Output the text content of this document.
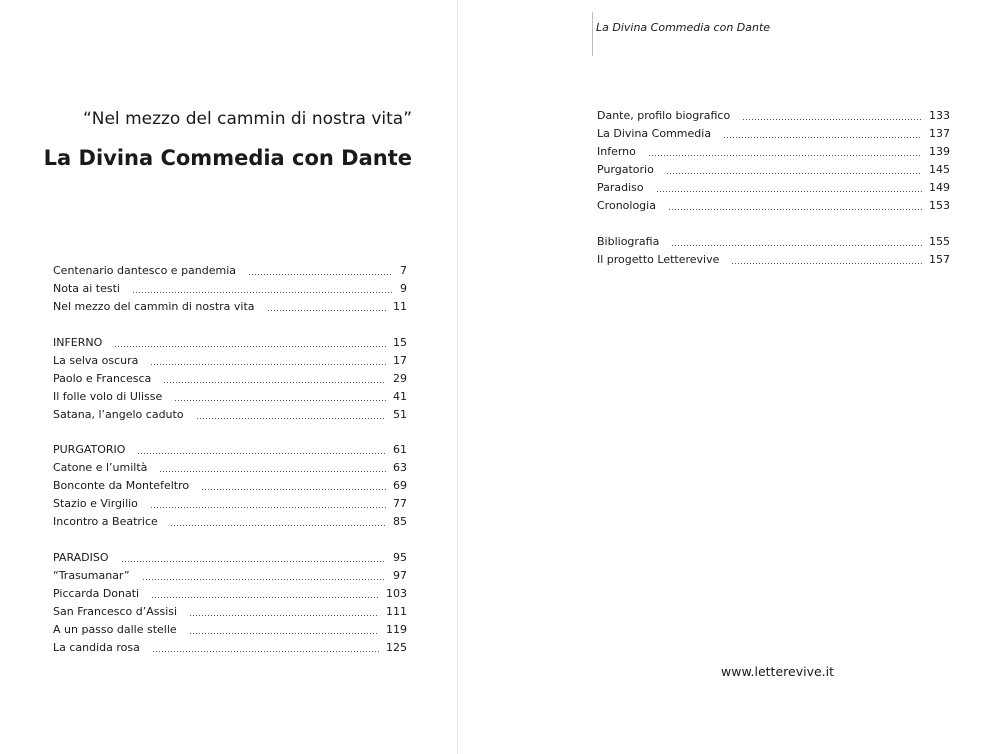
“Nel mezzo del cammin di nostra vita”
La Divina Commedia con Dante
Centenario dantesco e pandemia	7
Nota ai testi	9
Nel mezzo del cammin di nostra vita	11
INFERNO	15
La selva oscura	17
Paolo e Francesca	29
Il folle volo di Ulisse	41
Satana, l’angelo caduto	51
PURGATORIO	61
Catone e l’umiltà	63
Bonconte da Montefeltro	69
Stazio e Virgilio	77
Incontro a Beatrice	85
PARADISO	95
“Trasumanar”	97
Piccarda Donati	103
San Francesco d’Assisi	111
A un passo dalle stelle	119
La candida rosa	125
La Divina Commedia con Dante
Dante, profilo biografico	133
La Divina Commedia	137
Inferno	139
Purgatorio	145
Paradiso	149
Cronologia	153
Bibliografia	155
Il progetto Letterevive	157
www.letterevive.it
